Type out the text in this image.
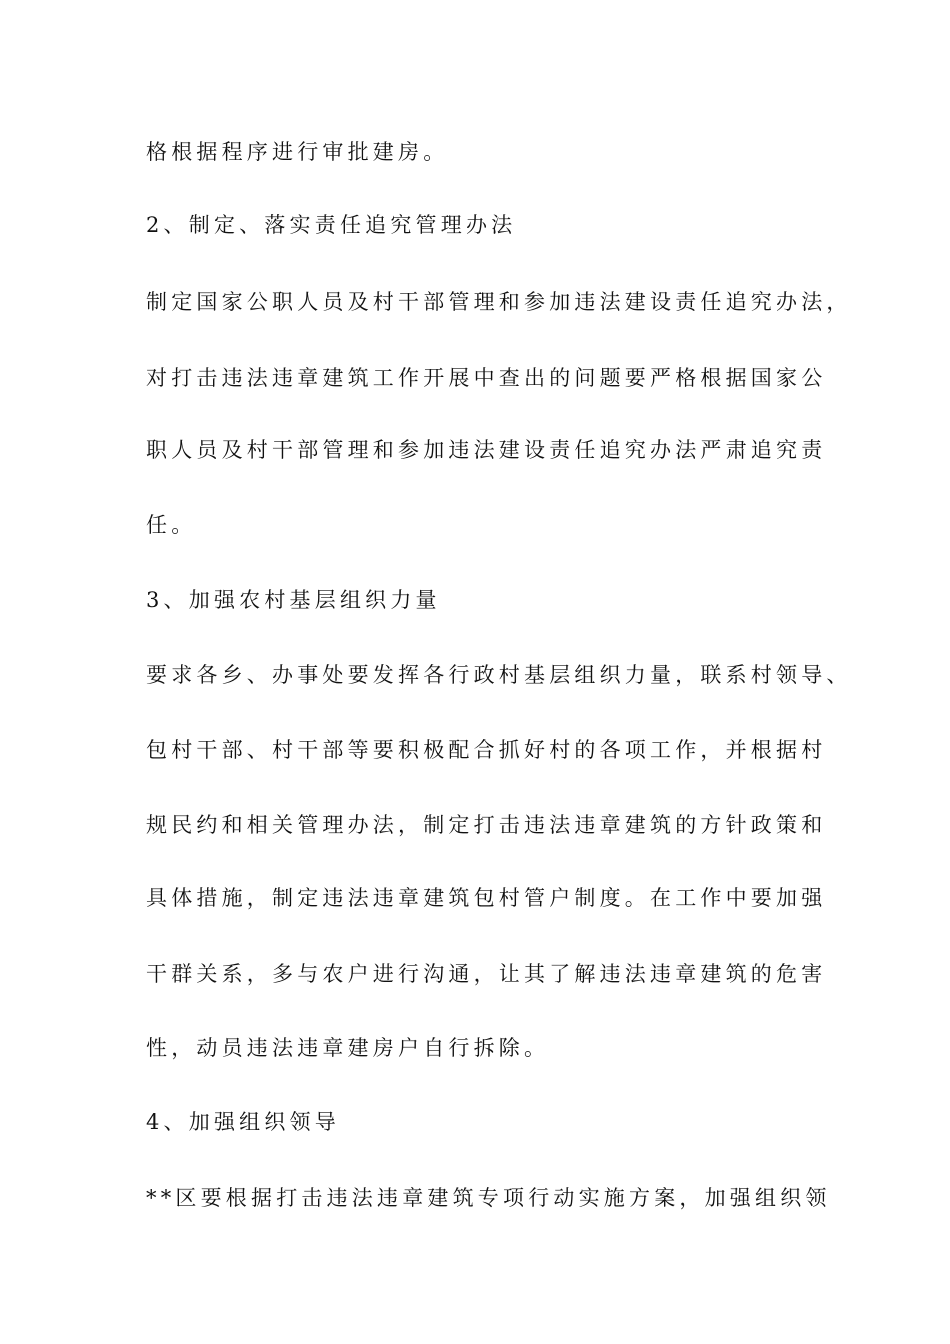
格根据程序进行审批建房。
2、制定、落实责任追究管理办法
制定国家公职人员及村干部管理和参加违法建设责任追究办法，
对打击违法违章建筑工作开展中查出的问题要严格根据国家公
职人员及村干部管理和参加违法建设责任追究办法严肃追究责
任。
3、加强农村基层组织力量
要求各乡、办事处要发挥各行政村基层组织力量，联系村领导、
包村干部、村干部等要积极配合抓好村的各项工作，并根据村
规民约和相关管理办法，制定打击违法违章建筑的方针政策和
具体措施，制定违法违章建筑包村管户制度。在工作中要加强
干群关系，多与农户进行沟通，让其了解违法违章建筑的危害
性，动员违法违章建房户自行拆除。
4、加强组织领导
**区要根据打击违法违章建筑专项行动实施方案，加强组织领
